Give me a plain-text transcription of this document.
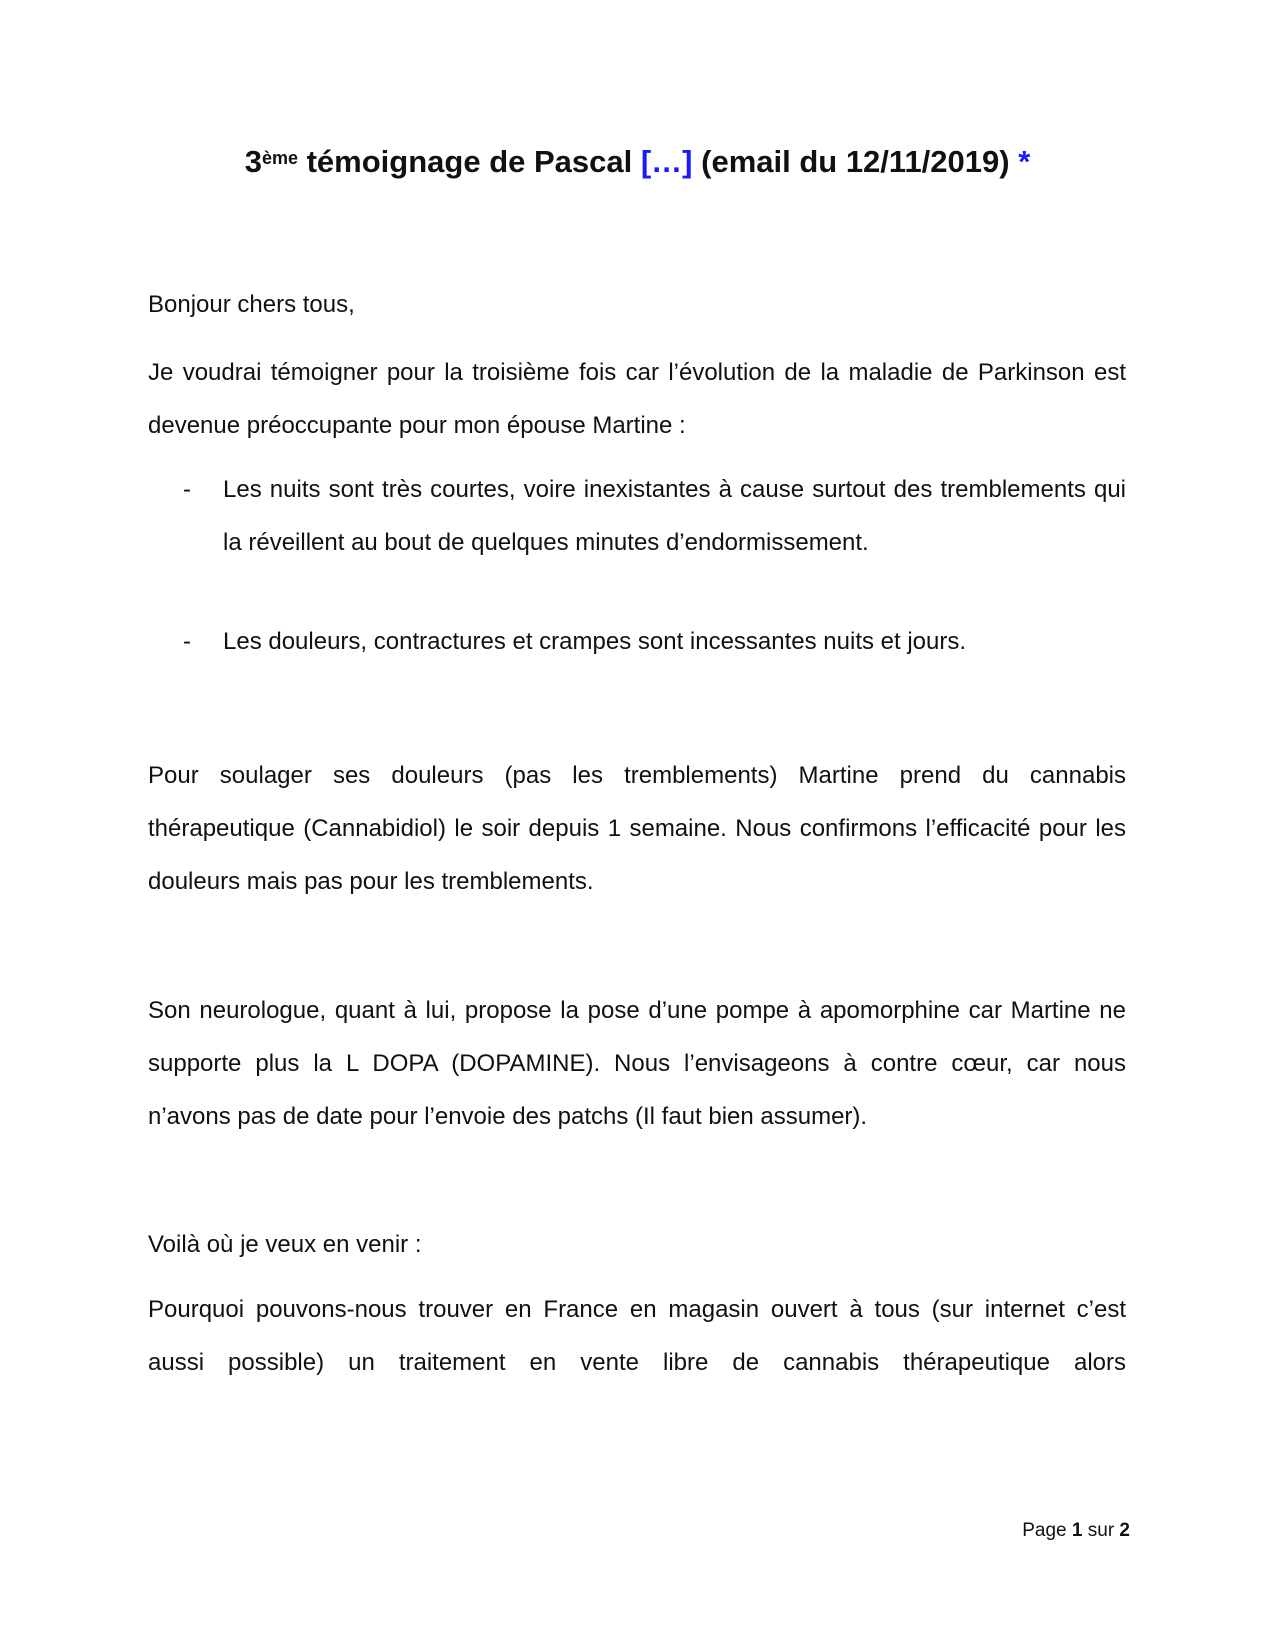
3ème témoignage de Pascal […] (email du 12/11/2019) *

Bonjour chers tous,

Je voudrai témoigner pour la troisième fois car l’évolution de la maladie de Parkinson est devenue préoccupante pour mon épouse Martine :

-	Les nuits sont très courtes, voire inexistantes à cause surtout des tremblements qui la réveillent au bout de quelques minutes d’endormissement.
-	Les douleurs, contractures et crampes sont incessantes nuits et jours.

Pour soulager ses douleurs (pas les tremblements) Martine prend du cannabis thérapeutique (Cannabidiol) le soir depuis 1 semaine. Nous confirmons l’efficacité pour les douleurs mais pas pour les tremblements.

Son neurologue, quant à lui, propose la pose d’une pompe à apomorphine car Martine ne supporte plus la L DOPA (DOPAMINE). Nous l’envisageons à contre cœur, car nous n’avons pas de date pour l’envoie des patchs (Il faut bien assumer).

Voilà où je veux en venir :

Pourquoi pouvons-nous trouver en France en magasin ouvert à tous (sur internet c’est aussi possible) un traitement en vente libre de cannabis thérapeutique alors

Page 1 sur 2
